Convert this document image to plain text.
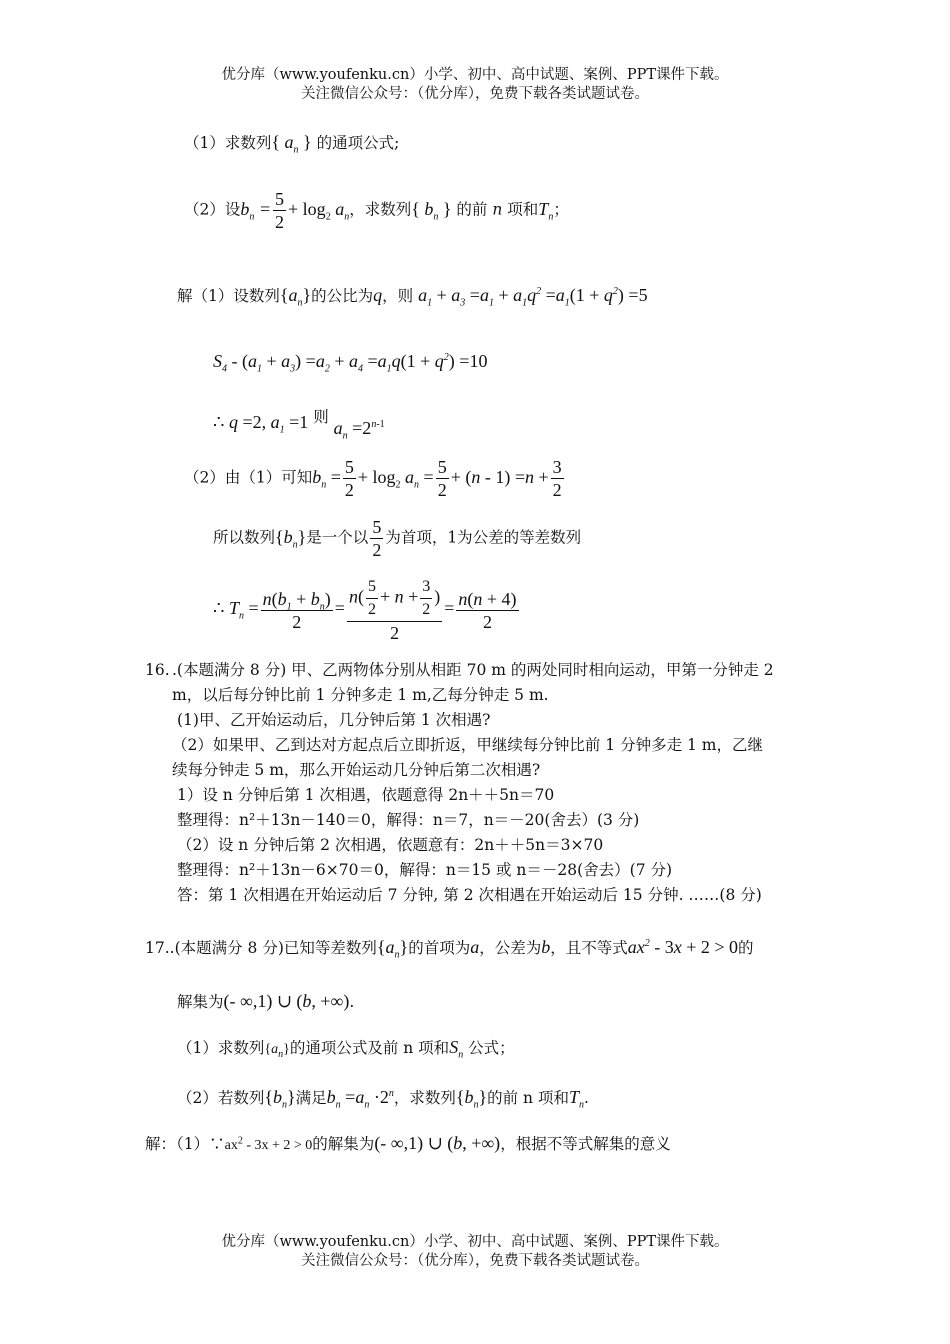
优分库（www.youfenku.cn）小学、初中、高中试题、案例、PPT课件下载。
关注微信公众号：（优分库），免费下载各类试题试卷。
（1）求数列{ $a_n$ } 的通项公式;
（2）设$b_n = \frac{5}{2} + \log_2 a_n$，求数列{ $b_n$ } 的前 n 项和$T_n$；
解（1）设数列$\{a_n\}$的公比为q，则 $a_1 + a_3 =a_1 + a_1q^2 =a_1(1 + q^2) =5$
$S_4 - (a_1 + a_3) =a_2 + a_4 =a_1q(1 + q^2) =10$
∴ q =2, $a_1 =1$ 则 $a_n =2^{n-1}$
（2）由（1）可知$b_n = \frac{5}{2} + \log_2 a_n = \frac{5}{2} + (n - 1) =n + \frac{3}{2}$
所以数列$\{b_n\}$是一个以 $\frac{5}{2}$ 为首项，1为公差的等差数列
∴ $T_n = \frac{n(b_1 + b_n)}{2} = \frac{n( \frac{5}{2} + n + \frac{3}{2} )}{2} = \frac{n(n + 4)}{2}$
16. .(本题满分 8 分) 甲、乙两物体分别从相距 70 m 的两处同时相向运动，甲第一分钟走 2
m，以后每分钟比前 1 分钟多走 1 m,乙每分钟走 5 m.
(1)甲、乙开始运动后，几分钟后第 1 次相遇?
（2）如果甲、乙到达对方起点后立即折返，甲继续每分钟比前 1 分钟多走 1 m，乙继
续每分钟走 5 m，那么开始运动几分钟后第二次相遇?
1）设 n 分钟后第 1 次相遇，依题意得 2n＋＋5n＝70
整理得：n²＋13n－140＝0，解得：n＝7，n＝－20(舍去）(3 分)
（2）设 n 分钟后第 2 次相遇，依题意有：2n＋＋5n＝3×70
整理得：n²＋13n－6×70＝0，解得：n＝15 或 n＝－28(舍去）(7 分)
答：第 1 次相遇在开始运动后 7 分钟, 第 2 次相遇在开始运动后 15 分钟. ……(8 分)
17..(本题满分 8 分)已知等差数列$\{a_n\}$的首项为a，公差为b，且不等式$ax^2 - 3x + 2 > 0$的
解集为(- ∞,1) ∪ (b, +∞).
（1）求数列$\{a_n\}$的通项公式及前 n 项和$S_n$ 公式；
（2）若数列$\{b_n\}$满足$b_n =a_n \cdot 2^n$，求数列$\{b_n\}$的前 n 项和$T_n$.
解：$(1)\because ax^2 - 3x + 2 > 0$的解集为(- ∞,1) ∪ (b, +∞)，根据不等式解集的意义
优分库（www.youfenku.cn）小学、初中、高中试题、案例、PPT课件下载。
关注微信公众号：（优分库），免费下载各类试题试卷。
